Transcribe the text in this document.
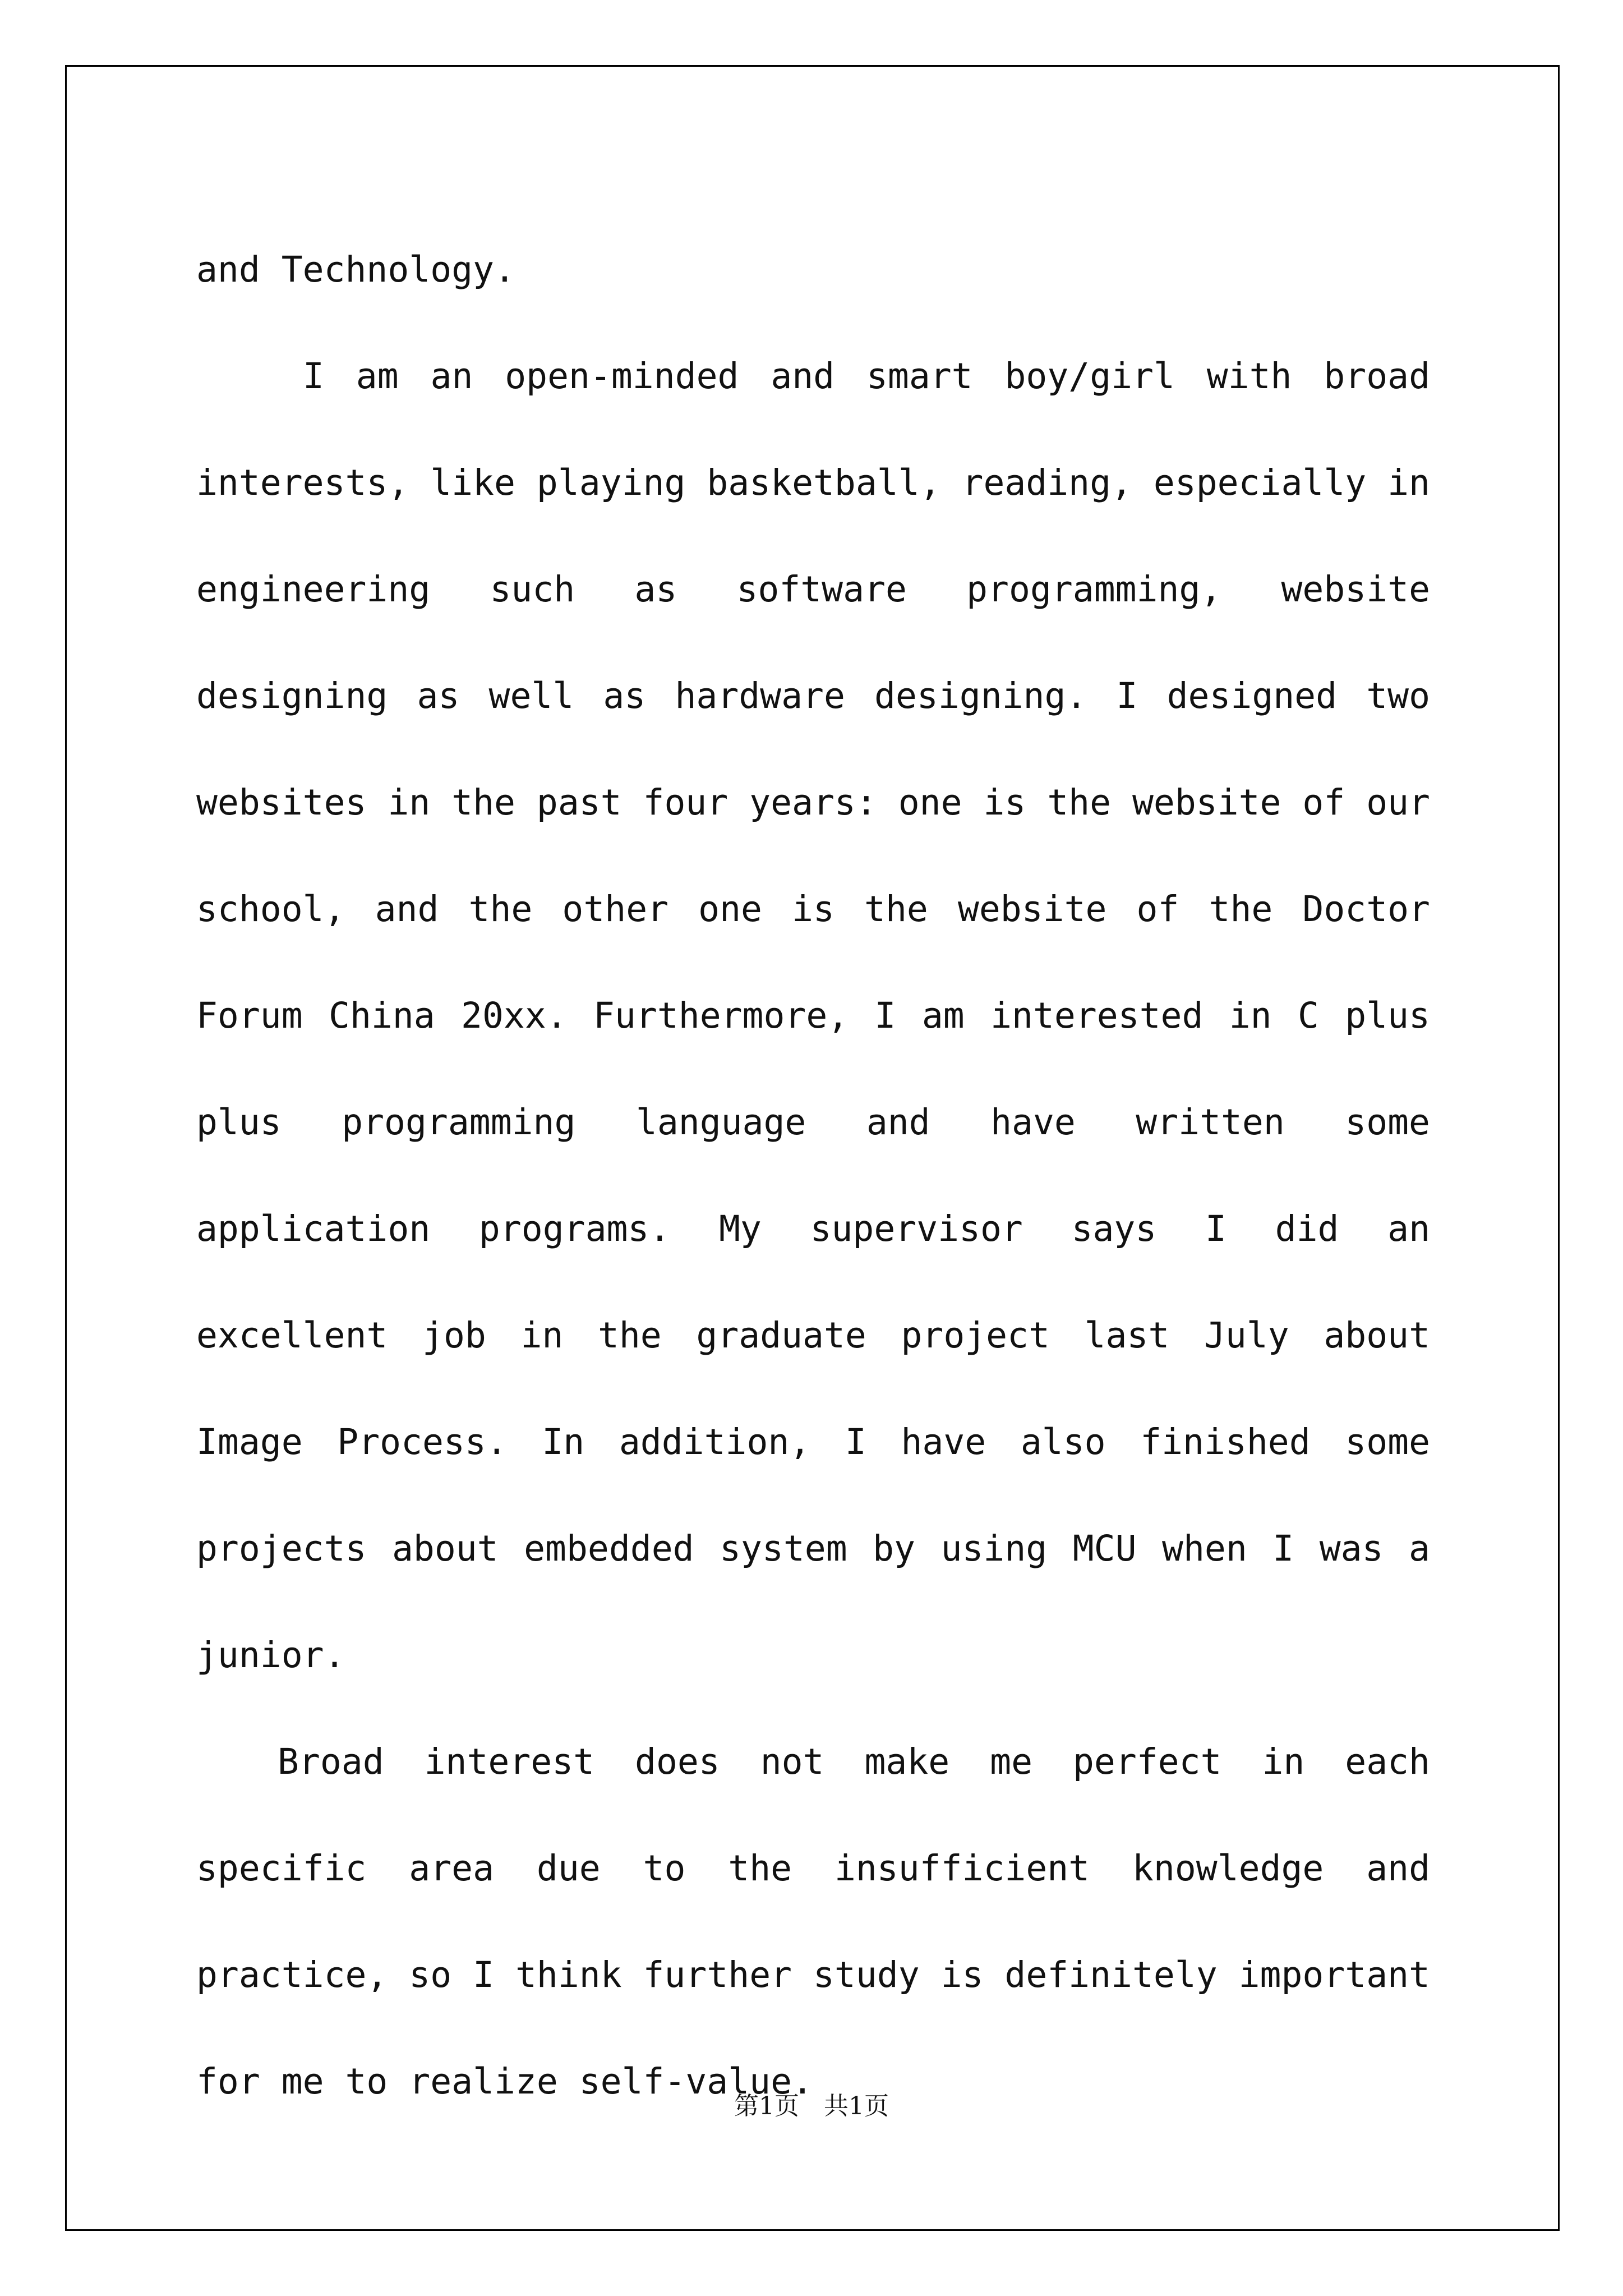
and Technology.

I am an open-minded and smart boy/girl with broad interests, like playing basketball, reading, especially in engineering such as software programming, website designing as well as hardware designing. I designed two websites in the past four years: one is the website of our school, and the other one is the website of the Doctor Forum China 20xx. Furthermore, I am interested in C plus plus programming language and have written some application programs. My supervisor says I did an excellent job in the graduate project last July about Image Process. In addition, I have also finished some projects about embedded system by using MCU when I was a junior.

Broad interest does not make me perfect in each specific area due to the insufficient knowledge and practice, so I think further study is definitely important for me to realize self-value.

第1页　共1页
